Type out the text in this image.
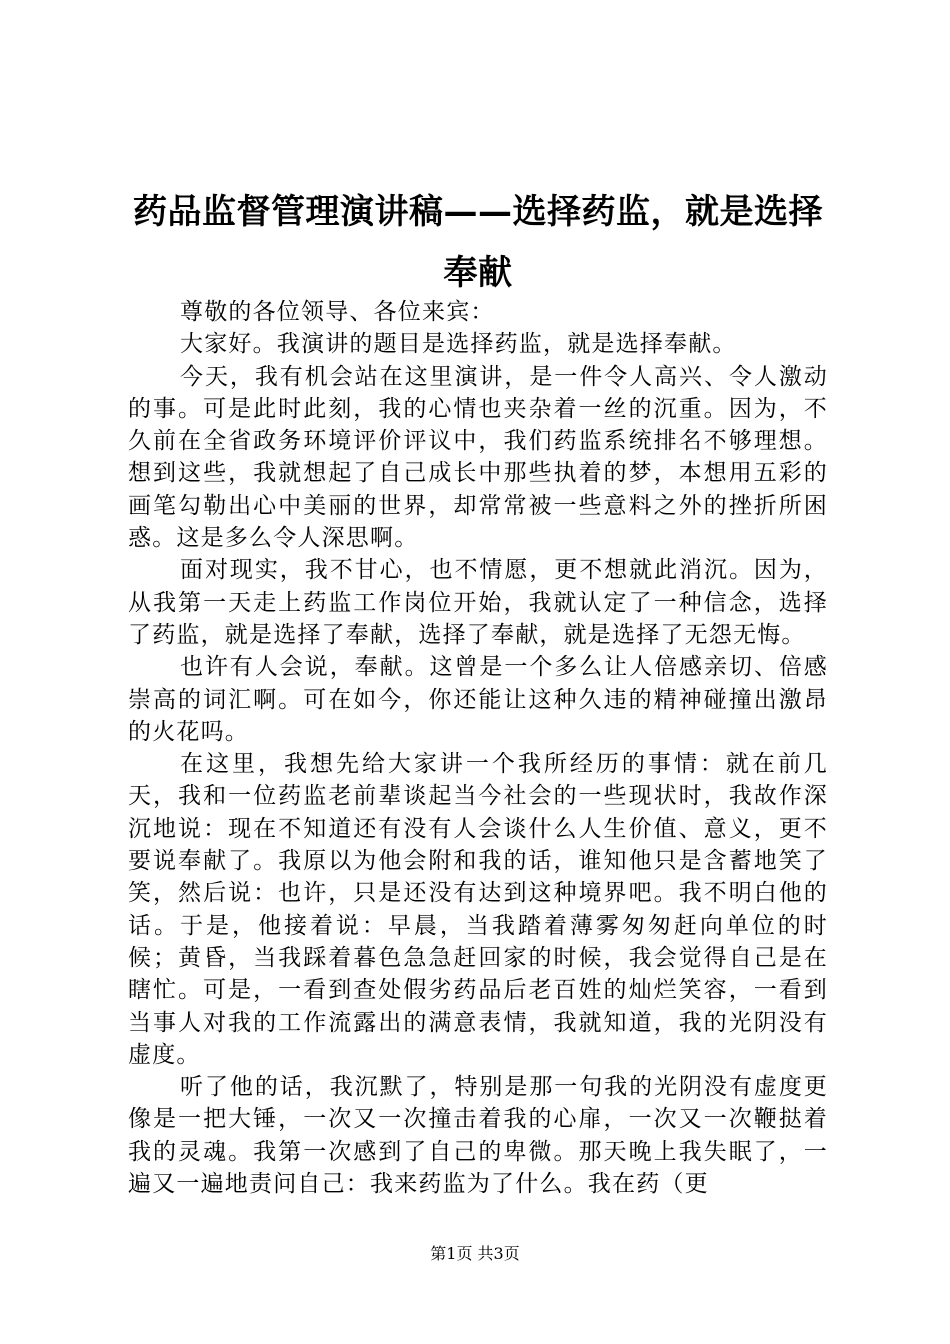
药品监督管理演讲稿——选择药监，就是选择奉献

尊敬的各位领导、各位来宾：

大家好。我演讲的题目是选择药监，就是选择奉献。

今天，我有机会站在这里演讲，是一件令人高兴、令人激动的事。可是此时此刻，我的心情也夹杂着一丝的沉重。因为，不久前在全省政务环境评价评议中，我们药监系统排名不够理想。想到这些，我就想起了自己成长中那些执着的梦，本想用五彩的画笔勾勒出心中美丽的世界，却常常被一些意料之外的挫折所困惑。这是多么令人深思啊。

面对现实，我不甘心，也不情愿，更不想就此消沉。因为，从我第一天走上药监工作岗位开始，我就认定了一种信念，选择了药监，就是选择了奉献，选择了奉献，就是选择了无怨无悔。

也许有人会说，奉献。这曾是一个多么让人倍感亲切、倍感崇高的词汇啊。可在如今，你还能让这种久违的精神碰撞出激昂的火花吗。

在这里，我想先给大家讲一个我所经历的事情：就在前几天，我和一位药监老前辈谈起当今社会的一些现状时，我故作深沉地说：现在不知道还有没有人会谈什么人生价值、意义，更不要说奉献了。我原以为他会附和我的话，谁知他只是含蓄地笑了笑，然后说：也许，只是还没有达到这种境界吧。我不明白他的话。于是，他接着说：早晨，当我踏着薄雾匆匆赶向单位的时候；黄昏，当我踩着暮色急急赶回家的时候，我会觉得自己是在瞎忙。可是，一看到查处假劣药品后老百姓的灿烂笑容，一看到当事人对我的工作流露出的满意表情，我就知道，我的光阴没有虚度。

听了他的话，我沉默了，特别是那一句我的光阴没有虚度更像是一把大锤，一次又一次撞击着我的心扉，一次又一次鞭挞着我的灵魂。我第一次感到了自己的卑微。那天晚上我失眠了，一遍又一遍地责问自己：我来药监为了什么。我在药（更

第1页 共3页
